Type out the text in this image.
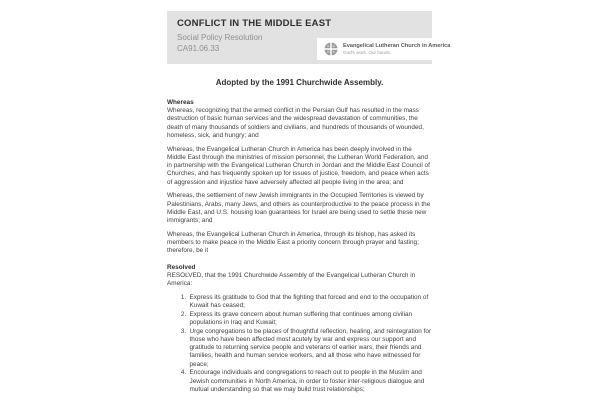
CONFLICT IN THE MIDDLE EAST
Social Policy Resolution
CA91.06.33	Evangelical Lutheran Church in America
God's work. Our hands.
Adopted by the 1991 Churchwide Assembly.
Whereas

Whereas, recognizing that the armed conflict in the Persian Gulf has resulted in the mass destruction of basic human services and the widespread devastation of communities, the death of many thousands of soldiers and civilians, and hundreds of thousands of wounded, homeless, sick, and hungry; and

Whereas, the Evangelical Lutheran Church in America has been deeply involved in the Middle East through the ministries of mission personnel, the Lutheran World Federation, and in partnership with the Evangelical Lutheran Church in Jordan and the Middle East Council of Churches, and has frequently spoken up for issues of justice, freedom, and peace when acts of aggression and injustice have adversely affected all people living in the area; and

Whereas, the settlement of new Jewish immigrants in the Occupied Territories is viewed by Palestinians, Arabs, many Jews, and others as counterproductive to the peace process in the Middle East, and U.S. housing loan guarantees for Israel are being used to settle these new immigrants; and

Whereas, the Evangelical Lutheran Church in America, through its bishop, has asked its members to make peace in the Middle East a priority concern through prayer and fasting; therefore, be it

Resolved

RESOLVED, that the 1991 Churchwide Assembly of the Evangelical Lutheran Church in America:

1. Express its gratitude to God that the fighting that forced and end to the occupation of Kuwait has ceased;
2. Express its grave concern about human suffering that continues among civilian populations in Iraq and Kuwait;
3. Urge congregations to be places of thoughtful reflection, healing, and reintegration for those who have been affected most acutely by war and express our support and gratitude to returning service people and veterans of earlier wars, their friends and families, health and human service workers, and all those who have witnessed for peace;
4. Encourage individuals and congregations to reach out to people in the Muslim and Jewish communities in North America, in order to foster inter-religious dialogue and mutual understanding so that we may build trust relationships;
